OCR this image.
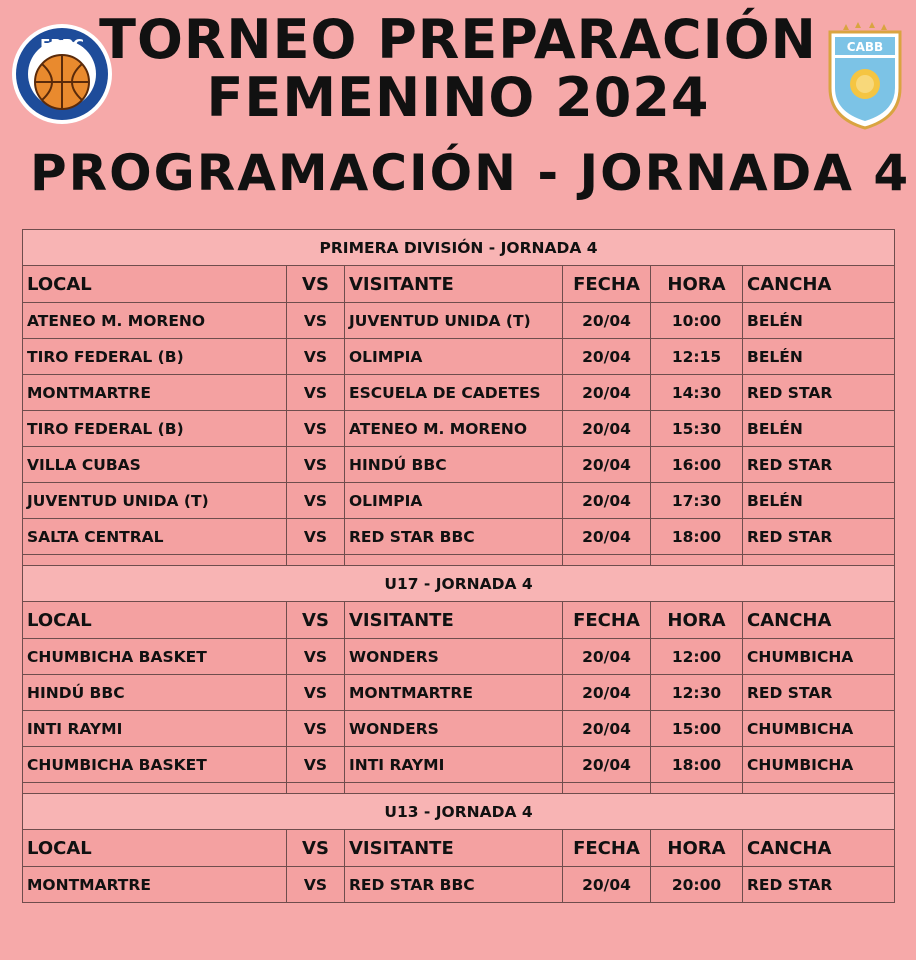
FBPC	CABB
TORNEO PREPARACIÓN
FEMENINO 2024
PROGRAMACIÓN - JORNADA 4
PRIMERA DIVISIÓN - JORNADA 4					
LOCAL	VS	VISITANTE	FECHA	HORA	CANCHA
ATENEO M. MORENO	VS	JUVENTUD UNIDA (T)	20/04	10:00	BELÉN
TIRO FEDERAL (B)	VS	OLIMPIA	20/04	12:15	BELÉN
MONTMARTRE	VS	ESCUELA DE CADETES	20/04	14:30	RED STAR
TIRO FEDERAL (B)	VS	ATENEO M. MORENO	20/04	15:30	BELÉN
VILLA CUBAS	VS	HINDÚ BBC	20/04	16:00	RED STAR
JUVENTUD UNIDA (T)	VS	OLIMPIA	20/04	17:30	BELÉN
SALTA CENTRAL	VS	RED STAR BBC	20/04	18:00	RED STAR

U17 - JORNADA 4					
LOCAL	VS	VISITANTE	FECHA	HORA	CANCHA
CHUMBICHA BASKET	VS	WONDERS	20/04	12:00	CHUMBICHA
HINDÚ BBC	VS	MONTMARTRE	20/04	12:30	RED STAR
INTI RAYMI	VS	WONDERS	20/04	15:00	CHUMBICHA
CHUMBICHA BASKET	VS	INTI RAYMI	20/04	18:00	CHUMBICHA

U13 - JORNADA 4					
LOCAL	VS	VISITANTE	FECHA	HORA	CANCHA
MONTMARTRE	VS	RED STAR BBC	20/04	20:00	RED STAR
